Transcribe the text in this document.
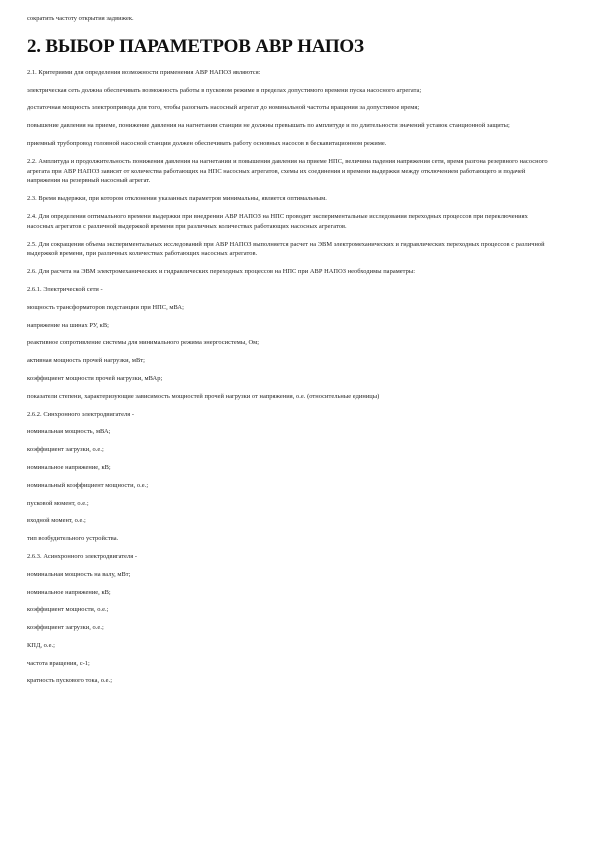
сократить частоту открытия задвижек.

2. ВЫБОР ПАРАМЕТРОВ АВР НАПОЗ

2.1. Критериями для определения возможности применения АВР НАПОЗ являются:

электрическая сеть должна обеспечивать возможность работы в пусковом режиме в пределах допустимого времени пуска насосного агрегата;

достаточная мощность электропривода для того, чтобы разогнать насосный агрегат до номинальной частоты вращения за допустимое время;

повышение давления на приеме, понижение давления на нагнетании станции не должны превышать по амплитуде и по длительности значений уставок станционной защиты;

приемный трубопровод головной насосной станции должен обеспечивать работу основных насосов в бескавитационном режиме.

2.2. Амплитуда и продолжительность понижения давления на нагнетании и повышения давления на приеме НПС, величина падения напряжения сети, время разгона резервного насосного агрегата при АВР НАПОЗ зависят от количества работающих на НПС насосных агрегатов, схемы их соединения и времени выдержки между отключением работающего и подачей напряжения на резервный насосный агрегат.

2.3. Время выдержки, при котором отклонения указанных параметров минимальны, является оптимальным.

2.4. Для определения оптимального времени выдержки при внедрении АВР НАПОЗ на НПС проводят экспериментальные исследования переходных процессов при переключениях насосных агрегатов с различной выдержкой времени при различных количествах работающих насосных агрегатов.

2.5. Для сокращения объема экспериментальных исследований при АВР НАПОЗ выполняется расчет на ЭВМ электромеханических и гидравлических переходных процессов с различной выдержкой времени, при различных количествах работающих насосных агрегатов.

2.6. Для расчета на ЭВМ электромеханических и гидравлических переходных процессов на НПС при АВР НАПОЗ необходимы параметры:

2.6.1. Электрической сети -

мощность трансформаторов подстанции при НПС, мВА;

напряжение на шинах РУ, кВ;

реактивное сопротивление системы для минимального режима энергосистемы, Ом;

активная мощность прочей нагрузки, мВт;

коэффициент мощности прочей нагрузки, мВАр;

показатели степени, характеризующие зависимость мощностей прочей нагрузки от напряжения, о.е. (относительные единицы)

2.6.2. Синхронного электродвигателя -

номинальная мощность, мВА;

коэффициент загрузки, о.е.;

номинальное напряжение, кВ;

номинальный коэффициент мощности, о.е.;

пусковой момент, о.е.;

входной момент, о.е.;

тип возбудительного устройства.

2.6.3. Асинхронного электродвигателя -

номинальная мощность на валу, мВт;

номинальное напряжение, кВ;

коэффициент мощности, о.е.;

коэффициент загрузки, о.е.;

КПД, о.е.;

частота вращения, с-1;

кратность пускового тока, о.е.;
